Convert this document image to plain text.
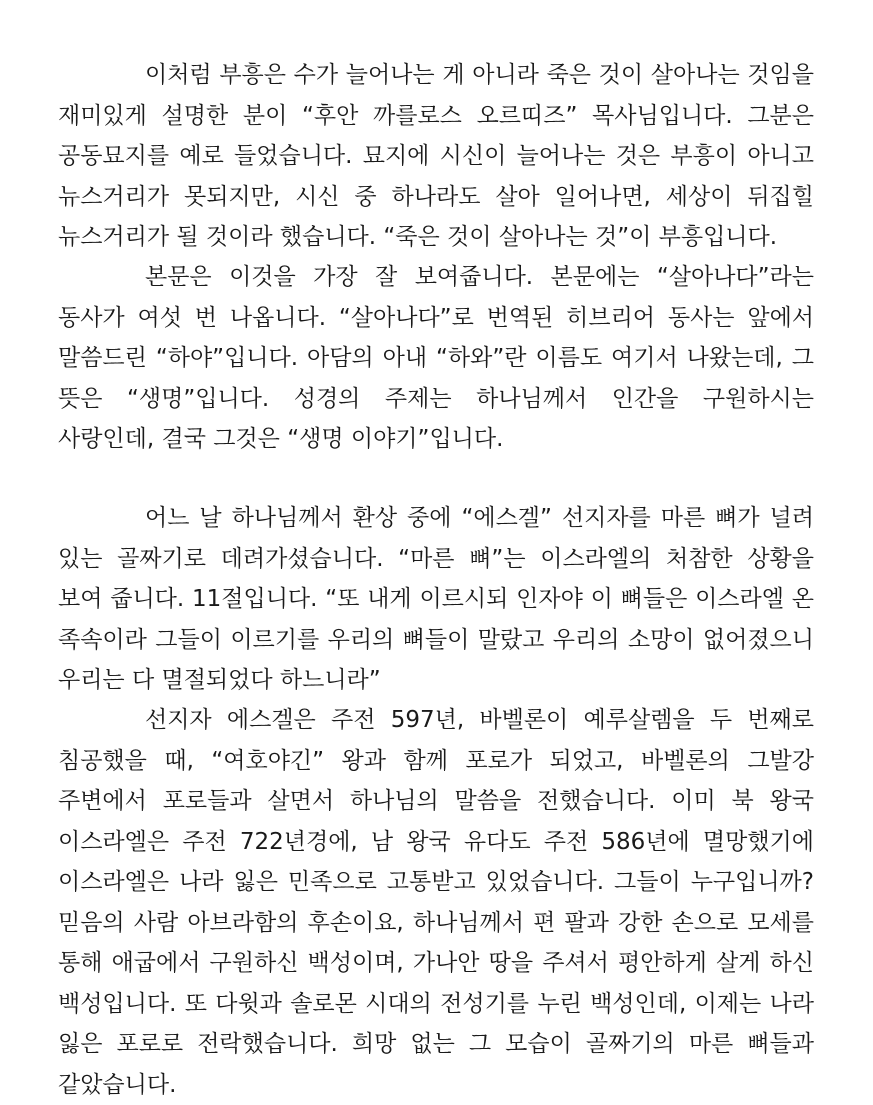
이처럼 부흥은 수가 늘어나는 게 아니라 죽은 것이 살아나는 것임을 재미있게 설명한 분이 “후안 까를로스 오르띠즈” 목사님입니다. 그분은 공동묘지를 예로 들었습니다. 묘지에 시신이 늘어나는 것은 부흥이 아니고 뉴스거리가 못되지만, 시신 중 하나라도 살아 일어나면, 세상이 뒤집힐 뉴스거리가 될 것이라 했습니다. “죽은 것이 살아나는 것”이 부흥입니다.

본문은 이것을 가장 잘 보여줍니다. 본문에는 “살아나다”라는 동사가 여섯 번 나옵니다. “살아나다”로 번역된 히브리어 동사는 앞에서 말씀드린 “하야”입니다. 아담의 아내 “하와”란 이름도 여기서 나왔는데, 그 뜻은 “생명”입니다. 성경의 주제는 하나님께서 인간을 구원하시는 사랑인데, 결국 그것은 “생명 이야기”입니다.

어느 날 하나님께서 환상 중에 “에스겔” 선지자를 마른 뼈가 널려 있는 골짜기로 데려가셨습니다. “마른 뼈”는 이스라엘의 처참한 상황을 보여 줍니다. 11절입니다. “또 내게 이르시되 인자야 이 뼈들은 이스라엘 온 족속이라 그들이 이르기를 우리의 뼈들이 말랐고 우리의 소망이 없어졌으니 우리는 다 멸절되었다 하느니라”

선지자 에스겔은 주전 597년, 바벨론이 예루살렘을 두 번째로 침공했을 때, “여호야긴” 왕과 함께 포로가 되었고, 바벨론의 그발강 주변에서 포로들과 살면서 하나님의 말씀을 전했습니다. 이미 북 왕국 이스라엘은 주전 722년경에, 남 왕국 유다도 주전 586년에 멸망했기에 이스라엘은 나라 잃은 민족으로 고통받고 있었습니다. 그들이 누구입니까? 믿음의 사람 아브라함의 후손이요, 하나님께서 편 팔과 강한 손으로 모세를 통해 애굽에서 구원하신 백성이며, 가나안 땅을 주셔서 평안하게 살게 하신 백성입니다. 또 다윗과 솔로몬 시대의 전성기를 누린 백성인데, 이제는 나라 잃은 포로로 전락했습니다. 희망 없는 그 모습이 골짜기의 마른 뼈들과 같았습니다.
